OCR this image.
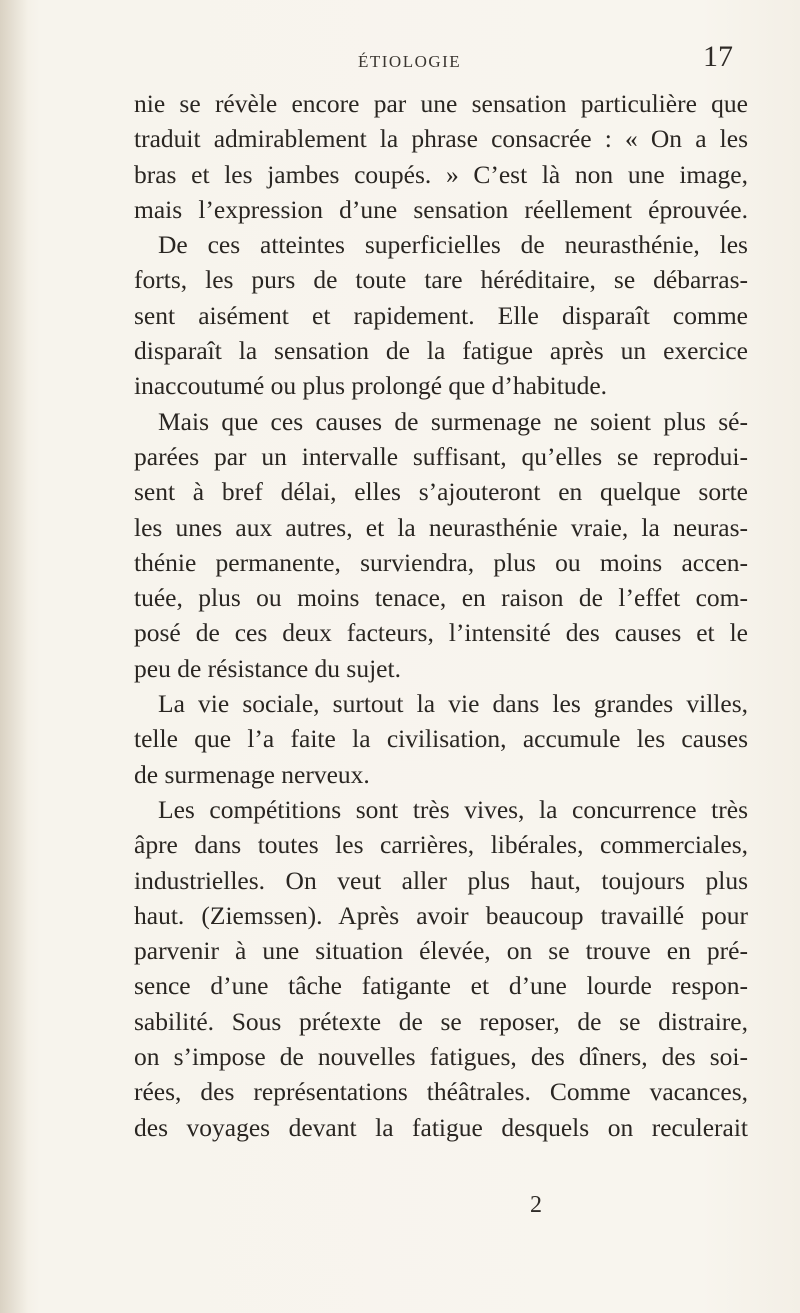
ÉTIOLOGIE	17
nie se révèle encore par une sensation particulière que
traduit admirablement la phrase consacrée : « On a les
bras et les jambes coupés. » C’est là non une image,
mais l’expression d’une sensation réellement éprouvée.
De ces atteintes superficielles de neurasthénie, les
forts, les purs de toute tare héréditaire, se débarras-
sent aisément et rapidement. Elle disparaît comme
disparaît la sensation de la fatigue après un exercice
inaccoutumé ou plus prolongé que d’habitude.
Mais que ces causes de surmenage ne soient plus sé-
parées par un intervalle suffisant, qu’elles se reprodui-
sent à bref délai, elles s’ajouteront en quelque sorte
les unes aux autres, et la neurasthénie vraie, la neuras-
thénie permanente, surviendra, plus ou moins accen-
tuée, plus ou moins tenace, en raison de l’effet com-
posé de ces deux facteurs, l’intensité des causes et le
peu de résistance du sujet.
La vie sociale, surtout la vie dans les grandes villes,
telle que l’a faite la civilisation, accumule les causes
de surmenage nerveux.
Les compétitions sont très vives, la concurrence très
âpre dans toutes les carrières, libérales, commerciales,
industrielles. On veut aller plus haut, toujours plus
haut. (Ziemssen). Après avoir beaucoup travaillé pour
parvenir à une situation élevée, on se trouve en pré-
sence d’une tâche fatigante et d’une lourde respon-
sabilité. Sous prétexte de se reposer, de se distraire,
on s’impose de nouvelles fatigues, des dîners, des soi-
rées, des représentations théâtrales. Comme vacances,
des voyages devant la fatigue desquels on reculerait
2
